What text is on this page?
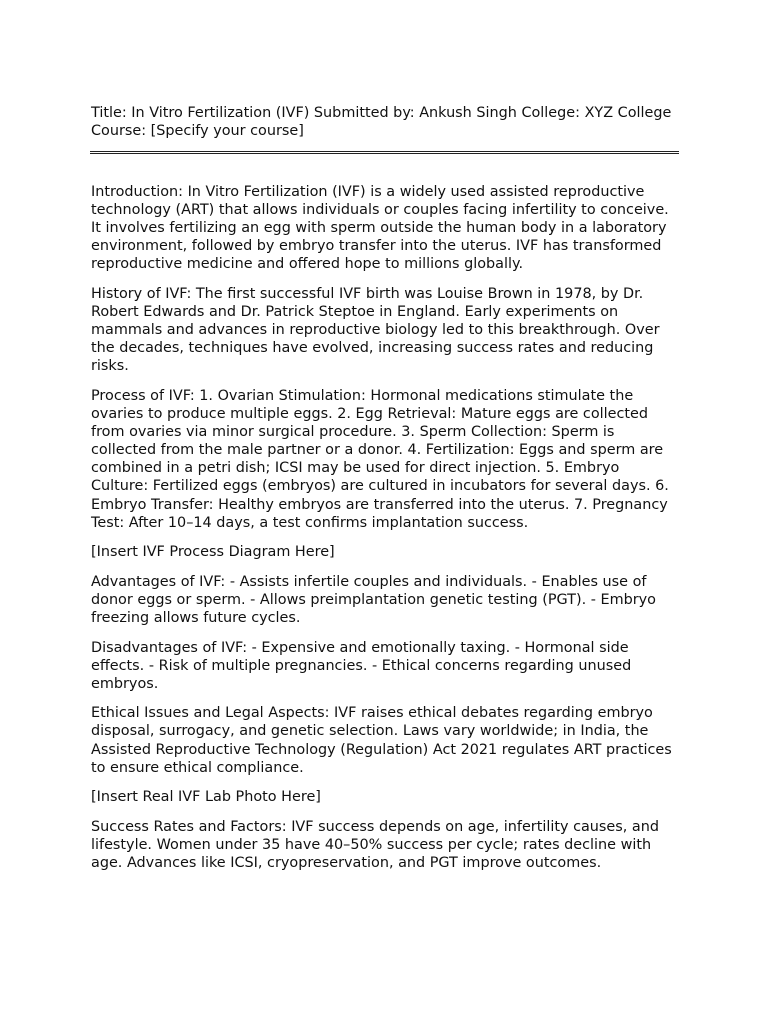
Title: In Vitro Fertilization (IVF) Submitted by: Ankush Singh College: XYZ College Course: [Specify your course]

Introduction: In Vitro Fertilization (IVF) is a widely used assisted reproductive technology (ART) that allows individuals or couples facing infertility to conceive. It involves fertilizing an egg with sperm outside the human body in a laboratory environment, followed by embryo transfer into the uterus. IVF has transformed reproductive medicine and offered hope to millions globally.

History of IVF: The first successful IVF birth was Louise Brown in 1978, by Dr. Robert Edwards and Dr. Patrick Steptoe in England. Early experiments on mammals and advances in reproductive biology led to this breakthrough. Over the decades, techniques have evolved, increasing success rates and reducing risks.

Process of IVF: 1. Ovarian Stimulation: Hormonal medications stimulate the ovaries to produce multiple eggs. 2. Egg Retrieval: Mature eggs are collected from ovaries via minor surgical procedure. 3. Sperm Collection: Sperm is collected from the male partner or a donor. 4. Fertilization: Eggs and sperm are combined in a petri dish; ICSI may be used for direct injection. 5. Embryo Culture: Fertilized eggs (embryos) are cultured in incubators for several days. 6. Embryo Transfer: Healthy embryos are transferred into the uterus. 7. Pregnancy Test: After 10–14 days, a test confirms implantation success.

[Insert IVF Process Diagram Here]

Advantages of IVF: - Assists infertile couples and individuals. - Enables use of donor eggs or sperm. - Allows preimplantation genetic testing (PGT). - Embryo freezing allows future cycles.

Disadvantages of IVF: - Expensive and emotionally taxing. - Hormonal side effects. - Risk of multiple pregnancies. - Ethical concerns regarding unused embryos.

Ethical Issues and Legal Aspects: IVF raises ethical debates regarding embryo disposal, surrogacy, and genetic selection. Laws vary worldwide; in India, the Assisted Reproductive Technology (Regulation) Act 2021 regulates ART practices to ensure ethical compliance.

[Insert Real IVF Lab Photo Here]

Success Rates and Factors: IVF success depends on age, infertility causes, and lifestyle. Women under 35 have 40–50% success per cycle; rates decline with age. Advances like ICSI, cryopreservation, and PGT improve outcomes.
